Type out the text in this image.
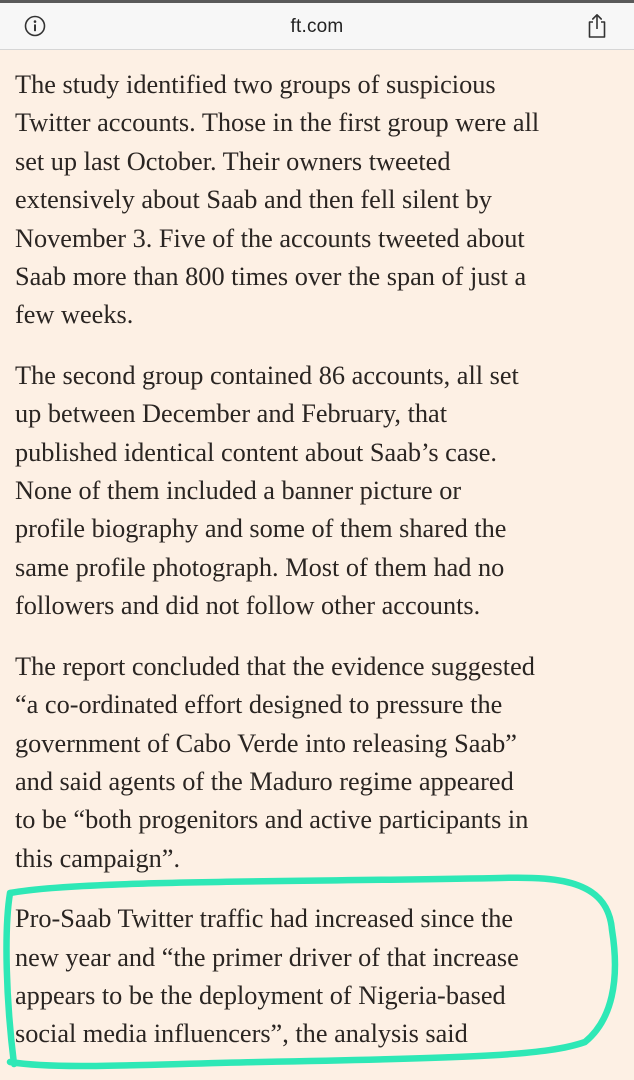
ft.com

The study identified two groups of suspicious
Twitter accounts. Those in the first group were all
set up last October. Their owners tweeted
extensively about Saab and then fell silent by
November 3. Five of the accounts tweeted about
Saab more than 800 times over the span of just a
few weeks.

The second group contained 86 accounts, all set
up between December and February, that
published identical content about Saab’s case.
None of them included a banner picture or
profile biography and some of them shared the
same profile photograph. Most of them had no
followers and did not follow other accounts.

The report concluded that the evidence suggested
“a co-ordinated effort designed to pressure the
government of Cabo Verde into releasing Saab”
and said agents of the Maduro regime appeared
to be “both progenitors and active participants in
this campaign”.

Pro-Saab Twitter traffic had increased since the
new year and “the primer driver of that increase
appears to be the deployment of Nigeria-based
social media influencers”, the analysis said
